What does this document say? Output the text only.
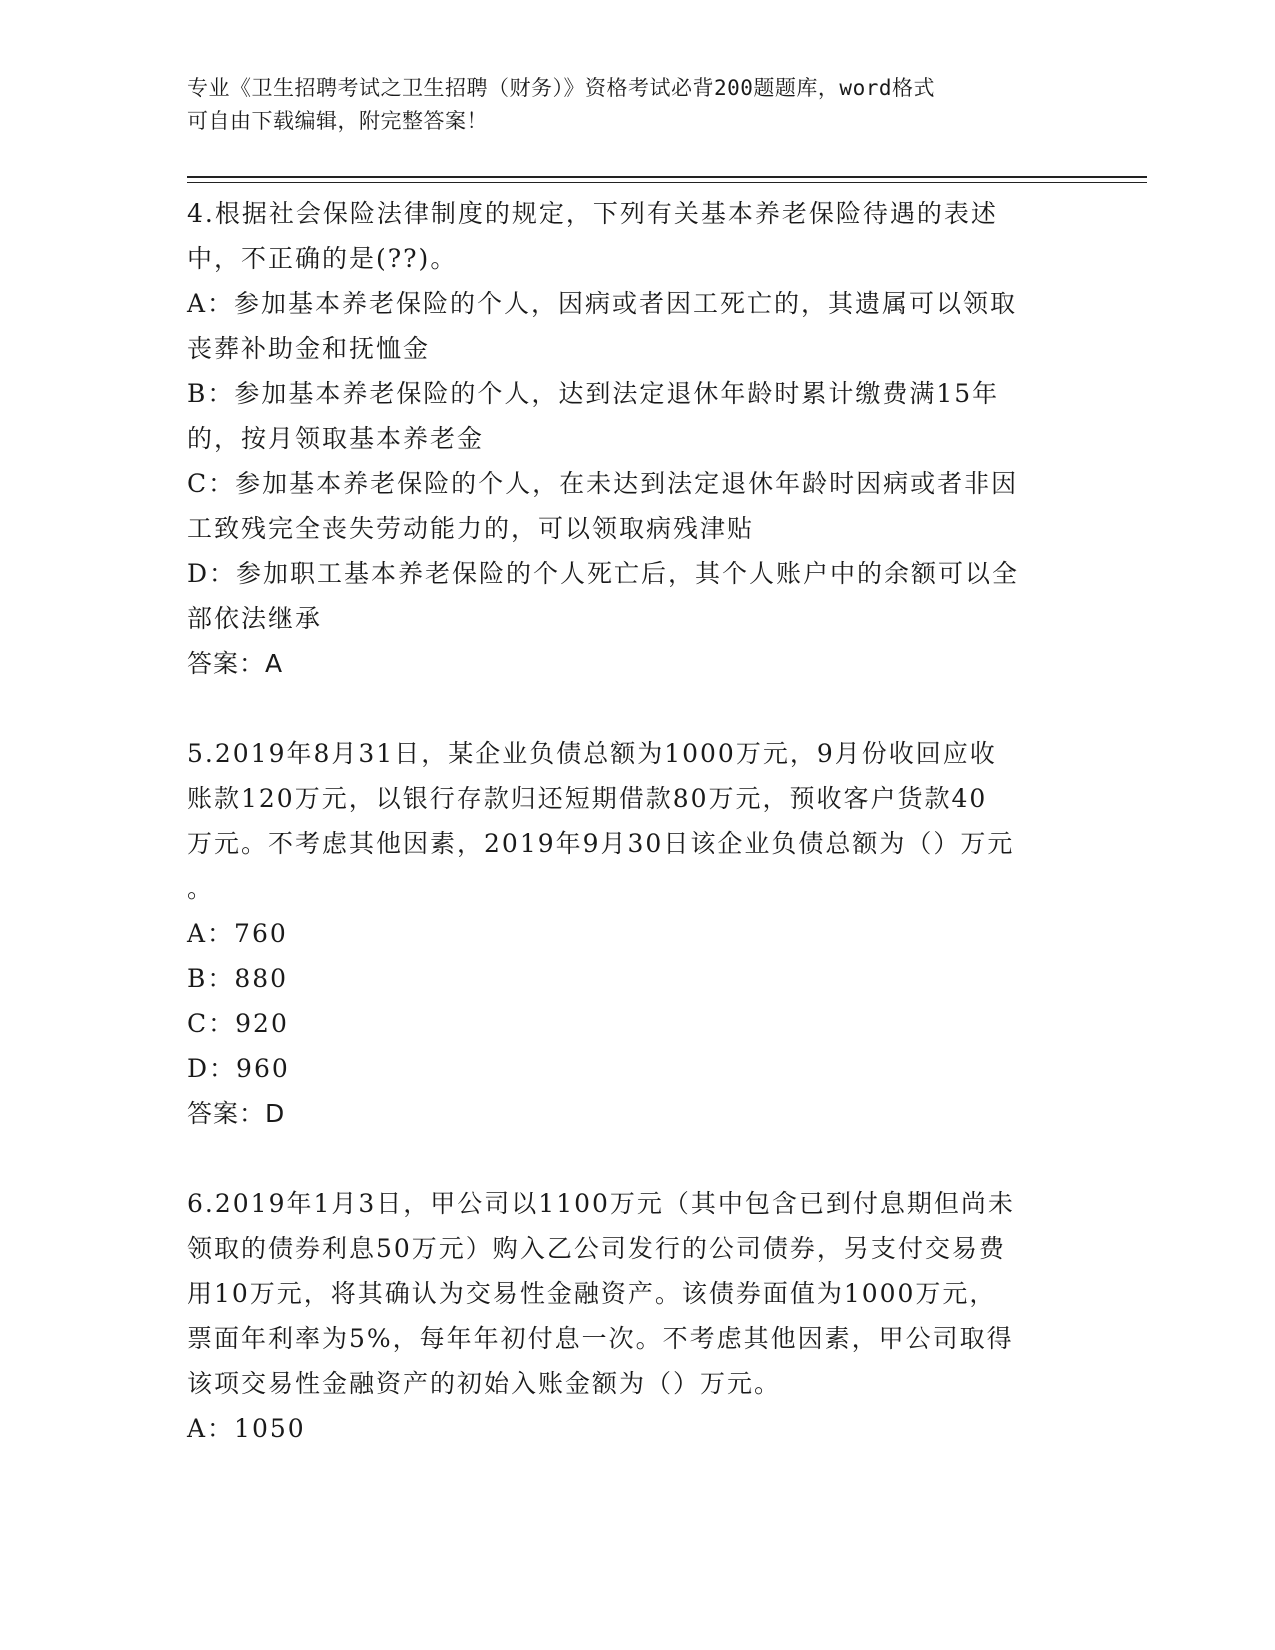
专业《卫生招聘考试之卫生招聘（财务）》资格考试必背200题题库，word格式

可自由下载编辑，附完整答案！

4.根据社会保险法律制度的规定，下列有关基本养老保险待遇的表述

中，不正确的是(??)。

A：参加基本养老保险的个人，因病或者因工死亡的，其遗属可以领取

丧葬补助金和抚恤金

B：参加基本养老保险的个人，达到法定退休年龄时累计缴费满15年

的，按月领取基本养老金

C：参加基本养老保险的个人，在未达到法定退休年龄时因病或者非因

工致残完全丧失劳动能力的，可以领取病残津贴

D：参加职工基本养老保险的个人死亡后，其个人账户中的余额可以全

部依法继承

答案：A

5.2019年8月31日，某企业负债总额为1000万元，9月份收回应收

账款120万元，以银行存款归还短期借款80万元，预收客户货款40

万元。不考虑其他因素，2019年9月30日该企业负债总额为（）万元

。

A：760

B：880

C：920

D：960

答案：D

6.2019年1月3日，甲公司以1100万元（其中包含已到付息期但尚未

领取的债券利息50万元）购入乙公司发行的公司债券，另支付交易费

用10万元，将其确认为交易性金融资产。该债券面值为1000万元，

票面年利率为5%，每年年初付息一次。不考虑其他因素，甲公司取得

该项交易性金融资产的初始入账金额为（）万元。

A：1050
